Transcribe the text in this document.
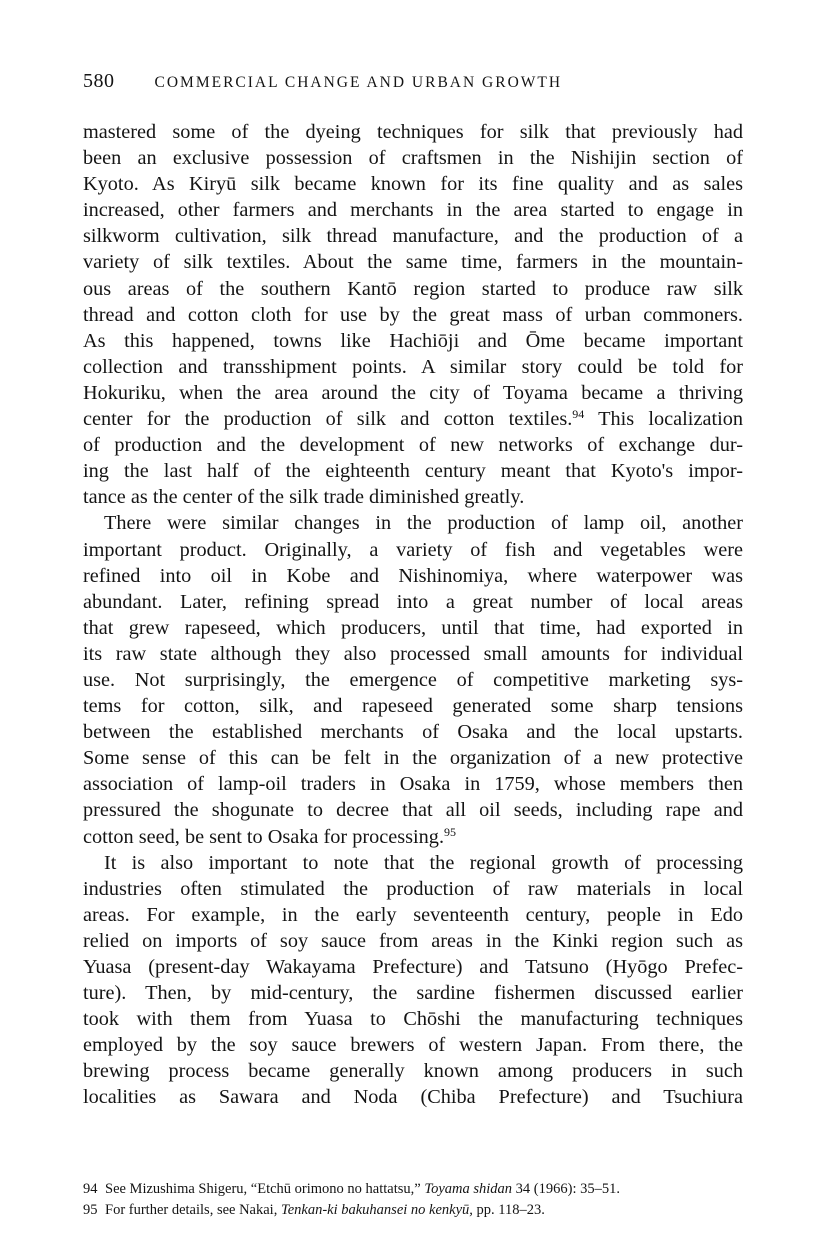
580	COMMERCIAL CHANGE AND URBAN GROWTH
mastered some of the dyeing techniques for silk that previously had
been an exclusive possession of craftsmen in the Nishijin section of
Kyoto. As Kiryū silk became known for its fine quality and as sales
increased, other farmers and merchants in the area started to engage in
silkworm cultivation, silk thread manufacture, and the production of a
variety of silk textiles. About the same time, farmers in the mountain-
ous areas of the southern Kantō region started to produce raw silk
thread and cotton cloth for use by the great mass of urban commoners.
As this happened, towns like Hachiōji and Ōme became important
collection and transshipment points. A similar story could be told for
Hokuriku, when the area around the city of Toyama became a thriving
center for the production of silk and cotton textiles.$^{94}$ This localization
of production and the development of new networks of exchange dur-
ing the last half of the eighteenth century meant that Kyoto's impor-
tance as the center of the silk trade diminished greatly.
There were similar changes in the production of lamp oil, another
important product. Originally, a variety of fish and vegetables were
refined into oil in Kobe and Nishinomiya, where waterpower was
abundant. Later, refining spread into a great number of local areas
that grew rapeseed, which producers, until that time, had exported in
its raw state although they also processed small amounts for individual
use. Not surprisingly, the emergence of competitive marketing sys-
tems for cotton, silk, and rapeseed generated some sharp tensions
between the established merchants of Osaka and the local upstarts.
Some sense of this can be felt in the organization of a new protective
association of lamp-oil traders in Osaka in 1759, whose members then
pressured the shogunate to decree that all oil seeds, including rape and
cotton seed, be sent to Osaka for processing.$^{95}$
It is also important to note that the regional growth of processing
industries often stimulated the production of raw materials in local
areas. For example, in the early seventeenth century, people in Edo
relied on imports of soy sauce from areas in the Kinki region such as
Yuasa (present-day Wakayama Prefecture) and Tatsuno (Hyōgo Prefec-
ture). Then, by mid-century, the sardine fishermen discussed earlier
took with them from Yuasa to Chōshi the manufacturing techniques
employed by the soy sauce brewers of western Japan. From there, the
brewing process became generally known among producers in such
localities as Sawara and Noda (Chiba Prefecture) and Tsuchiura
94 See Mizushima Shigeru, “Etchū orimono no hattatsu,” Toyama shidan 34 (1966): 35–51.
95 For further details, see Nakai, Tenkan-ki bakuhansei no kenkyū, pp. 118–23.
